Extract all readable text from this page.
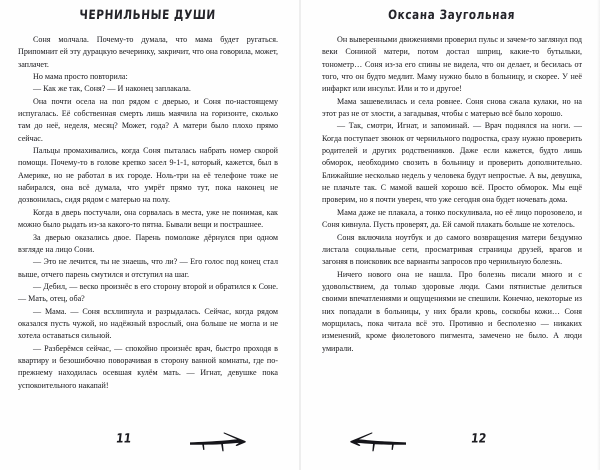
ЧЕРНИЛЬНЫЕ ДУШИ

Соня молчала. Почему-то думала, что мама будет ругаться. Припомнит ей эту дурацкую вечеринку, закричит, что она говорила, может, заплачет.

Но мама просто повторила:

— Как же так, Соня? — И наконец заплакала.

Она почти осела на пол рядом с дверью, и Соня по-настоящему испугалась. Её собственная смерть лишь маячила на горизонте, сколько там до неё, неделя, месяц? Может, года? А матери было плохо прямо сейчас.

Пальцы промахивались, когда Соня пыталась набрать номер скорой помощи. Почему-то в голове крепко засел 9-1-1, который, кажется, был в Америке, но не работал в их городе. Ноль-три на её телефоне тоже не набирался, она всё думала, что умрёт прямо тут, пока наконец не дозвонилась, сидя рядом с матерью на полу.

Когда в дверь постучали, она сорвалась в места, уже не понимая, как можно было рыдать из-за какого-то пятна. Бывали вещи и пострашнее.

За дверью оказались двое. Парень помоложе дёрнулся при одном взгляде на лицо Сони.

— Это не лечится, ты не знаешь, что ли? — Его голос под конец стал выше, отчего парень смутился и отступил на шаг.

— Дебил, — веско произнёс в его сторону второй и обратился к Соне. — Мать, отец, оба?

— Мама. — Соня всхлипнула и разрыдалась. Сейчас, когда рядом оказался пусть чужой, но надёжный взрослый, она больше не могла и не хотела оставаться сильной.

— Разберёмся сейчас, — спокойно произнёс врач, быстро проходя в квартиру и безошибочно поворачивая в сторону ванной комнаты, где по-прежнему находилась осевшая кулём мать. — Игнат, девушке пока успокоительного накапай!

11
Оксана Заугольная

Он выверенными движениями проверил пульс и зачем-то заглянул под веки Сониной матери, потом достал шприц, какие-то бутыльки, тонометр… Соня из-за его спины не видела, что он делает, и бесилась от того, что он будто медлит. Маму нужно было в больницу, и скорее. У неё инфаркт или инсульт. Или и то и другое!

Мама зашевелилась и села ровнее. Соня снова сжала кулаки, но на этот раз не от злости, а загадывая, чтобы с матерью всё было хорошо.

— Так, смотри, Игнат, и запоминай. — Врач поднялся на ноги. — Когда поступает звонок от чернильного подростка, сразу нужно проверить родителей и других родственников. Даже если кажется, будто лишь обморок, необходимо свозить в больницу и проверить дополнительно. Ближайшие несколько недель у человека будут непростые. А вы, девушка, не плачьте так. С мамой вашей хорошо всё. Просто обморок. Мы ещё проверим, но я почти уверен, что уже сегодня она будет ночевать дома.

Мама даже не плакала, а тонко поскуливала, но её лицо порозовело, и Соня кивнула. Пусть проверят, да. Ей самой плакать больше не хотелось.

Соня включила ноутбук и до самого возвращения матери бездумно листала социальные сети, просматривая страницы друзей, врагов и загоняя в поисковик все варианты запросов про чернильную болезнь.

Ничего нового она не нашла. Про болезнь писали много и с удовольствием, да только здоровые люди. Сами пятнистые делиться своими впечатлениями и ощущениями не спешили. Конечно, некоторые из них попадали в больницы, у них брали кровь, соскобы кожи… Соня морщилась, пока читала всё это. Противно и бесполезно — никаких изменений, кроме фиолетового пигмента, замечено не было. А люди умирали.

12
